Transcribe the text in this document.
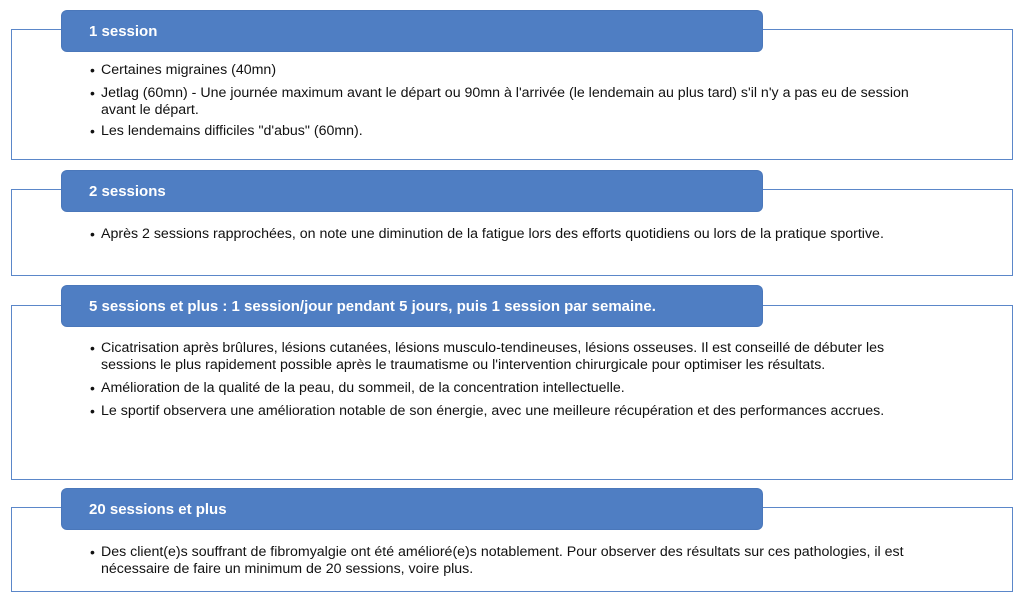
1 session
• Certaines migraines (40mn)
• Jetlag (60mn) - Une journée maximum avant le départ ou 90mn à l'arrivée (le lendemain au plus tard) s'il n'y a pas eu de session avant le départ.
• Les lendemains difficiles "d'abus" (60mn).
2 sessions
• Après 2 sessions rapprochées, on note une diminution de la fatigue lors des efforts quotidiens ou lors de la pratique sportive.
5 sessions et plus : 1 session/jour pendant 5 jours, puis 1 session par semaine.
• Cicatrisation après brûlures, lésions cutanées, lésions musculo-tendineuses, lésions osseuses. Il est conseillé de débuter les sessions le plus rapidement possible après le traumatisme ou l'intervention chirurgicale pour optimiser les résultats.
• Amélioration de la qualité de la peau, du sommeil, de la concentration intellectuelle.
• Le sportif observera une amélioration notable de son énergie, avec une meilleure récupération et des performances accrues.
20 sessions et plus
• Des client(e)s souffrant de fibromyalgie ont été amélioré(e)s notablement. Pour observer des résultats sur ces pathologies, il est nécessaire de faire un minimum de 20 sessions, voire plus.
